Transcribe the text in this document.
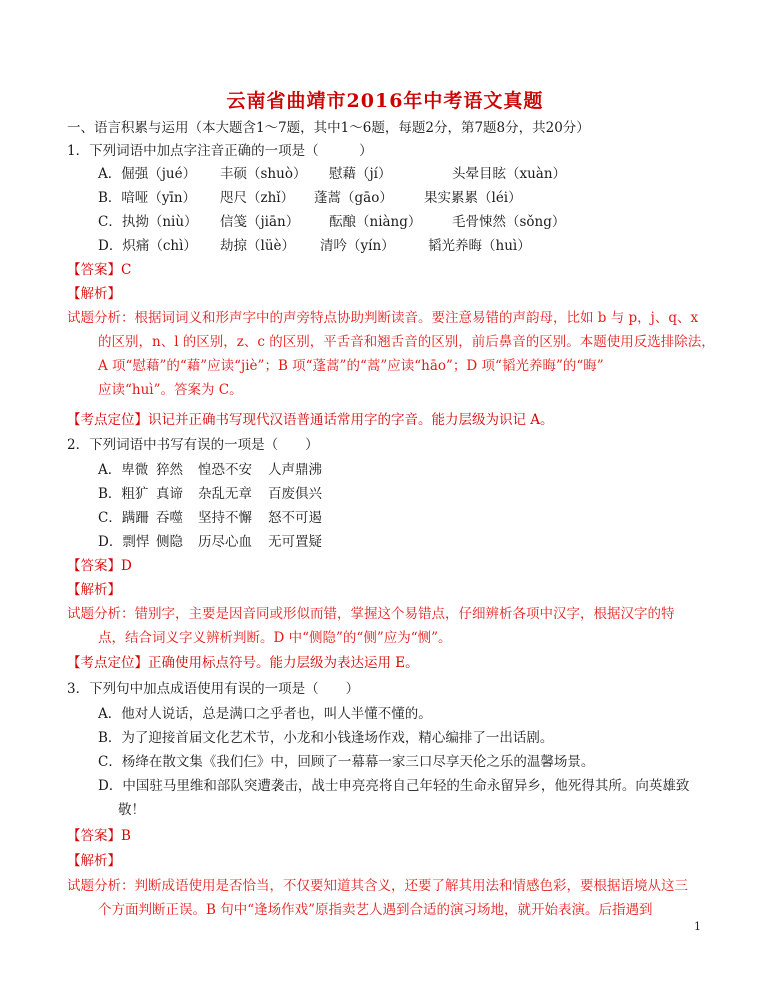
云南省曲靖市2016年中考语文真题
一、语言积累与运用（本大题含1～7题，其中1～6题，每题2分，第7题8分，共20分）
1．下列词语中加点字注音正确的一项是（　　　）
A．倔强（jué） 丰硕（shuò） 慰藉（jí）	头晕目眩（xuàn）
B．喑哑（yīn） 咫尺（zhǐ） 蓬蒿（gāo） 果实累累（léi）
C．执拗（niù） 信笺（jiān） 酝酿（niàng） 毛骨悚然（sǒng）
D．炽痛（chì） 劫掠（lüè） 清吟（yín） 韬光养晦（huì）
【答案】C
【解析】
试题分析：根据词词义和形声字中的声旁特点协助判断读音。要注意易错的声韵母，比如 b 与 p，j、q、x
的区别，n、l 的区别，z、c 的区别，平舌音和翘舌音的区别，前后鼻音的区别。本题使用反选排除法，
A 项“慰藉”的“藉”应读“jiè”；B 项“蓬蒿”的“蒿”应读“hāo”；D 项“韬光养晦”的“晦”
应读“huì”。答案为 C。
【考点定位】识记并正确书写现代汉语普通话常用字的字音。能力层级为识记 A。
2．下列词语中书写有误的一项是（　　）
A．卑微 猝然 惶恐不安 人声鼎沸
B．粗犷 真谛 杂乱无章 百废俱兴
C．蹒跚 吞噬 坚持不懈 怒不可遏
D．剽悍 侧隐 历尽心血 无可置疑
【答案】D
【解析】
试题分析：错别字，主要是因音同或形似而错，掌握这个易错点，仔细辨析各项中汉字，根据汉字的特
点，结合词义字义辨析判断。D 中“侧隐”的“侧”应为“恻”。
【考点定位】正确使用标点符号。能力层级为表达运用 E。
3．下列句中加点成语使用有误的一项是（　　）
A．他对人说话，总是满口之乎者也，叫人半懂不懂的。
B．为了迎接首届文化艺术节，小龙和小钱逢场作戏，精心编排了一出话剧。
C．杨绛在散文集《我们仨》中，回顾了一幕幕一家三口尽享天伦之乐的温馨场景。
D．中国驻马里维和部队突遭袭击，战士申亮亮将自己年轻的生命永留异乡，他死得其所。向英雄致
敬！
【答案】B
【解析】
试题分析：判断成语使用是否恰当，不仅要知道其含义，还要了解其用法和情感色彩，要根据语境从这三
个方面判断正误。B 句中“逢场作戏”原指卖艺人遇到合适的演习场地，就开始表演。后指遇到
1
